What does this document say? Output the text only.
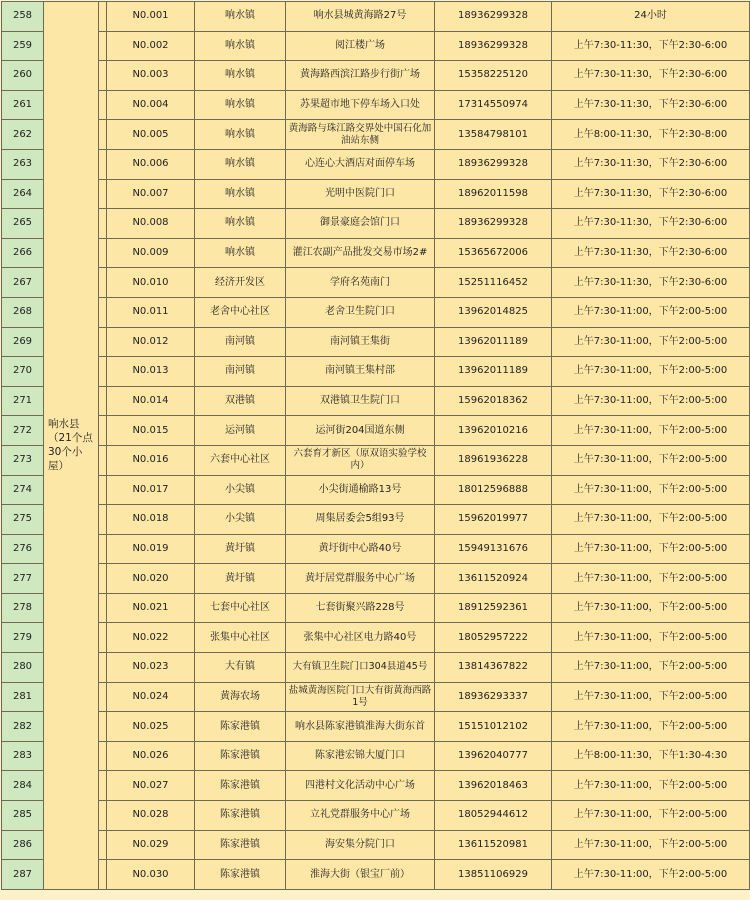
258	响水县（21个点30个小屋）		N0.001	响水镇	响水县城黄海路27号	18936299328	24小时
259			N0.002	响水镇	阅江楼广场	18936299328	上午7:30-11:30，下午2:30-6:00
260			N0.003	响水镇	黄海路西滨江路步行街广场	15358225120	上午7:30-11:30，下午2:30-6:00
261			N0.004	响水镇	苏果超市地下停车场入口处	17314550974	上午7:30-11:30，下午2:30-6:00
262			N0.005	响水镇	黄海路与珠江路交界处中国石化加油站东侧	13584798101	上午8:00-11:30，下午2:30-8:00
263			N0.006	响水镇	心连心大酒店对面停车场	18936299328	上午7:30-11:30，下午2:30-6:00
264			N0.007	响水镇	光明中医院门口	18962011598	上午7:30-11:30，下午2:30-6:00
265			N0.008	响水镇	御景豪庭会馆门口	18936299328	上午7:30-11:30，下午2:30-6:00
266			N0.009	响水镇	灌江农副产品批发交易市场2#	15365672006	上午7:30-11:30，下午2:30-6:00
267			N0.010	经济开发区	学府名苑南门	15251116452	上午7:30-11:30，下午2:30-6:00
268			N0.011	老舍中心社区	老舍卫生院门口	13962014825	上午7:30-11:00，下午2:00-5:00
269			N0.012	南河镇	南河镇王集街	13962011189	上午7:30-11:00，下午2:00-5:00
270			N0.013	南河镇	南河镇王集村部	13962011189	上午7:30-11:00，下午2:00-5:00
271			N0.014	双港镇	双港镇卫生院门口	15962018362	上午7:30-11:00，下午2:00-5:00
272			N0.015	运河镇	运河街204国道东侧	13962010216	上午7:30-11:00，下午2:00-5:00
273			N0.016	六套中心社区	六套育才新区（原双语实验学校内）	18961936228	上午7:30-11:00，下午2:00-5:00
274			N0.017	小尖镇	小尖街通榆路13号	18012596888	上午7:30-11:00，下午2:00-5:00
275			N0.018	小尖镇	周集居委会5组93号	15962019977	上午7:30-11:00，下午2:00-5:00
276			N0.019	黄圩镇	黄圩街中心路40号	15949131676	上午7:30-11:00，下午2:00-5:00
277			N0.020	黄圩镇	黄圩居党群服务中心广场	13611520924	上午7:30-11:00，下午2:00-5:00
278			N0.021	七套中心社区	七套街聚兴路228号	18912592361	上午7:30-11:00，下午2:00-5:00
279			N0.022	张集中心社区	张集中心社区电力路40号	18052957222	上午7:30-11:00，下午2:00-5:00
280			N0.023	大有镇	大有镇卫生院门口304县道45号	13814367822	上午7:30-11:00，下午2:00-5:00
281			N0.024	黄海农场	盐城黄海医院门口大有街黄海西路1号	18936293337	上午7:30-11:00，下午2:00-5:00
282			N0.025	陈家港镇	响水县陈家港镇淮海大街东首	15151012102	上午7:30-11:00，下午2:00-5:00
283			N0.026	陈家港镇	陈家港宏锦大厦门口	13962040777	上午8:00-11:30，下午1:30-4:30
284			N0.027	陈家港镇	四港村文化活动中心广场	13962018463	上午7:30-11:00，下午2:00-5:00
285			N0.028	陈家港镇	立礼党群服务中心广场	18052944612	上午7:30-11:00，下午2:00-5:00
286			N0.029	陈家港镇	海安集分院门口	13611520981	上午7:30-11:00，下午2:00-5:00
287			N0.030	陈家港镇	淮海大街（银宝厂前）	13851106929	上午7:30-11:00，下午2:00-5:00
